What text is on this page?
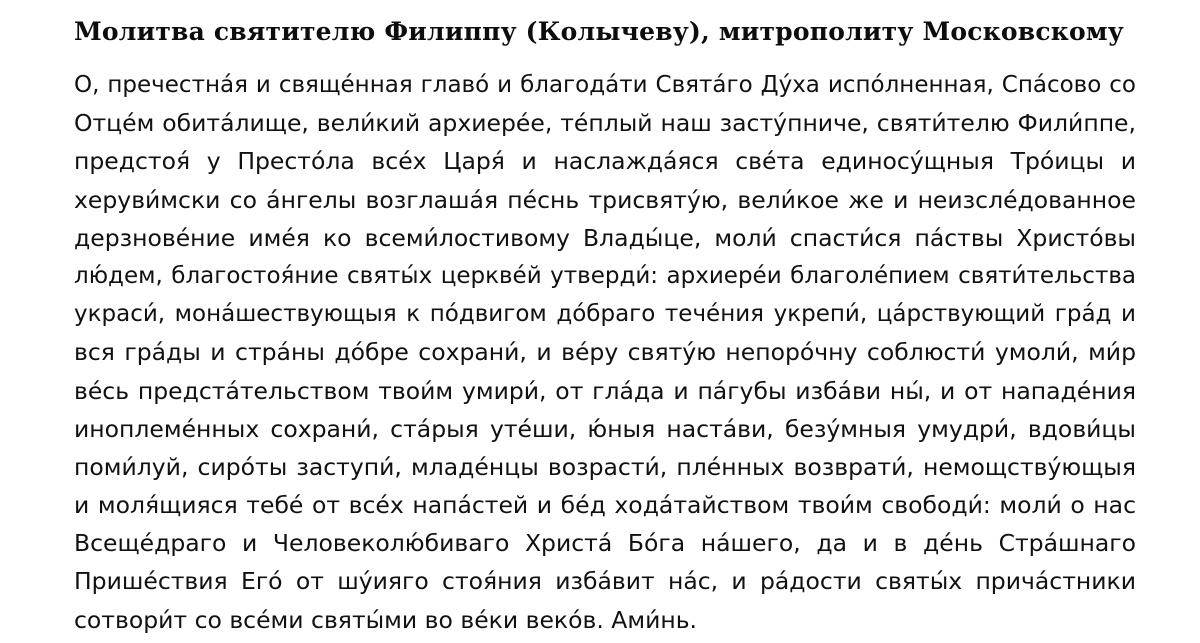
Молитва святителю Филиппу (Колычеву), митрополиту Московскому
О, пречестна́я и свяще́нная главо́ и благода́ти Свята́го Ду́ха испо́лненная, Спа́сово со
Отце́м обита́лище, вели́кий архиере́е, те́плый наш засту́пниче, святи́телю Фили́ппе,
предстоя́ у Престо́ла все́х Царя́ и наслажда́яся све́та единосу́щныя Тро́ицы и
херуви́мски со а́нгелы возглаша́я пе́снь трисвяту́ю, вели́кое же и неизсле́дованное
дерзнове́ние име́я ко всеми́лостивому Влады́це, моли́ спасти́ся па́ствы Христо́вы
лю́дем, благостоя́ние святы́х церкве́й утверди́: архиере́и благоле́пием святи́тельства
украси́, мона́шествующыя к по́двигом до́браго тече́ния укрепи́, ца́рствующий гра́д и
вся гра́ды и стра́ны до́бре сохрани́, и ве́ру святу́ю непоро́чну соблюсти́ умоли́, ми́р
ве́сь предста́тельством твои́м умири́, от гла́да и па́губы изба́ви ны́, и от нападе́ния
иноплеме́нных сохрани́, ста́рыя уте́ши, ю́ныя наста́ви, безу́мныя умудри́, вдови́цы
поми́луй, сиро́ты заступи́, младе́нцы возрасти́, пле́нных возврати́, немощству́ющыя
и моля́щияся тебе́ от все́х напа́стей и бе́д хода́тайством твои́м свободи́: моли́ о нас
Всеще́драго и Человеколю́биваго Христа́ Бо́га на́шего, да и в де́нь Стра́шнаго
Прише́ствия Его́ от шу́ияго стоя́ния изба́вит на́с, и ра́дости святы́х прича́стники
сотвори́т со все́ми святы́ми во ве́ки веко́в. Ами́нь.
